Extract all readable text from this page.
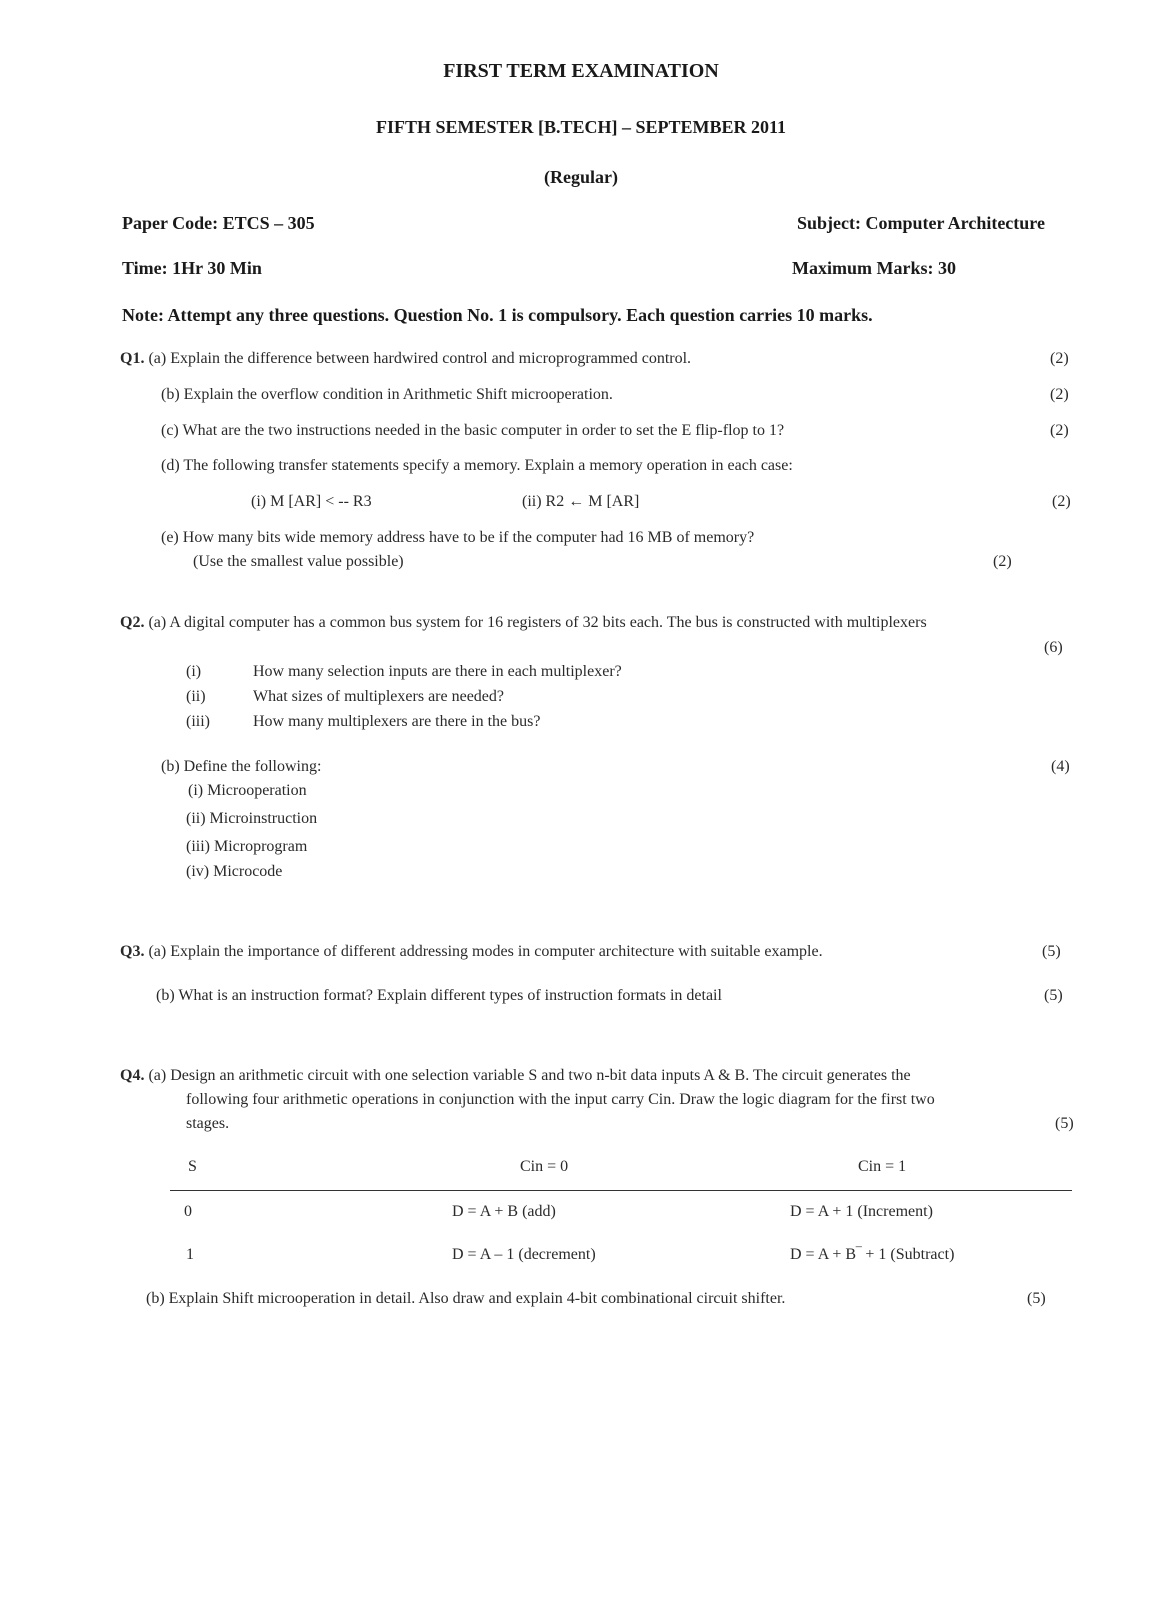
FIRST TERM EXAMINATION
FIFTH SEMESTER [B.TECH] – SEPTEMBER 2011
(Regular)
Paper Code: ETCS – 305	Subject: Computer Architecture
Time: 1Hr 30 Min	Maximum Marks: 30
Note: Attempt any three questions. Question No. 1 is compulsory. Each question carries 10 marks.
Q1. (a) Explain the difference between hardwired control and microprogrammed control.	(2)
(b) Explain the overflow condition in Arithmetic Shift microoperation.	(2)
(c) What are the two instructions needed in the basic computer in order to set the E flip-flop to 1?	(2)
(d) The following transfer statements specify a memory. Explain a memory operation in each case:
(i) M [AR] < -- R3	(ii) R2 ← M [AR]	(2)
(e) How many bits wide memory address have to be if the computer had 16 MB of memory?
(Use the smallest value possible)	(2)
Q2. (a) A digital computer has a common bus system for 16 registers of 32 bits each. The bus is constructed with multiplexers
(6)
(i)	How many selection inputs are there in each multiplexer?
(ii)	What sizes of multiplexers are needed?
(iii)	How many multiplexers are there in the bus?
(b) Define the following:	(4)
(i) Microoperation
(ii) Microinstruction
(iii) Microprogram
(iv) Microcode
Q3. (a) Explain the importance of different addressing modes in computer architecture with suitable example.	(5)
(b) What is an instruction format? Explain different types of instruction formats in detail	(5)
Q4. (a) Design an arithmetic circuit with one selection variable S and two n-bit data inputs A & B. The circuit generates the
following four arithmetic operations in conjunction with the input carry Cin. Draw the logic diagram for the first two
stages.	(5)
S	Cin = 0	Cin = 1
0	D = A + B (add)	D = A + 1 (Increment)
1	D = A – 1 (decrement)	D = A + B‾ + 1 (Subtract)
(b) Explain Shift microoperation in detail. Also draw and explain 4-bit combinational circuit shifter.	(5)
